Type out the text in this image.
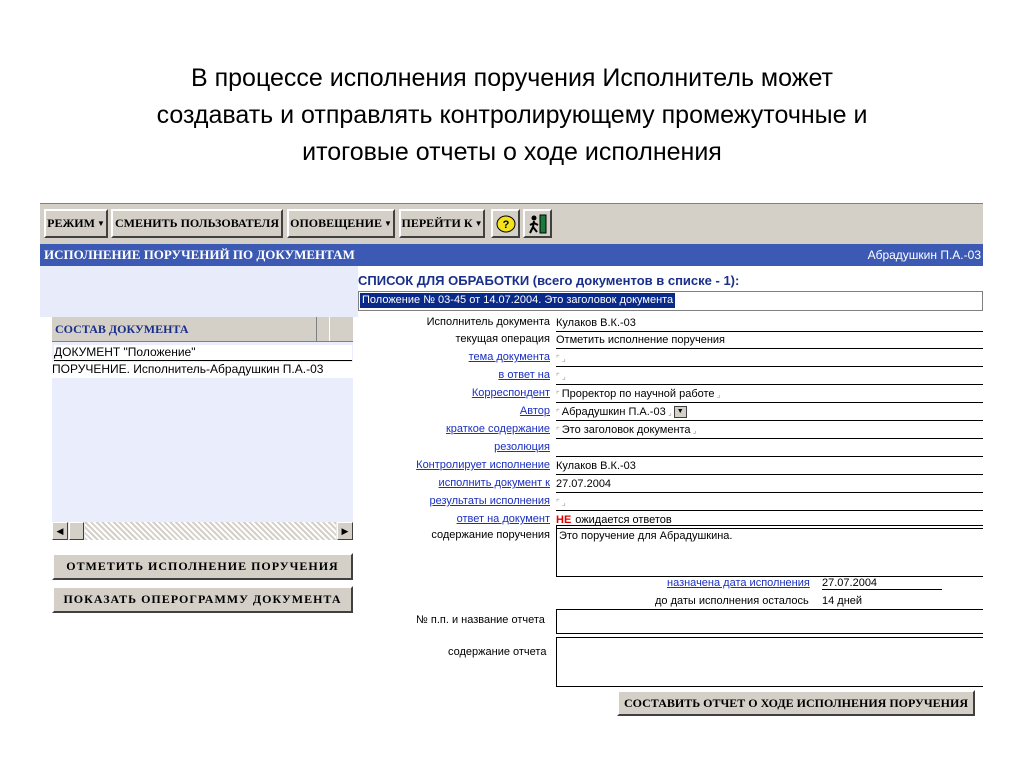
В процессе исполнения поручения Исполнитель может
создавать и отправлять контролирующему промежуточные и
итоговые отчеты о ходе исполнения
РЕЖИМ ▼ СМЕНИТЬ ПОЛЬЗОВАТЕЛЯ ОПОВЕЩЕНИЕ ▼ ПЕРЕЙТИ К ▼ ?
ИСПОЛНЕНИЕ ПОРУЧЕНИЙ ПО ДОКУМЕНТАМ	Абрадушкин П.А.-03
СПИСОК ДЛЯ ОБРАБОТКИ (всего документов в списке - 1):
Положение № 03-45 от 14.07.2004. Это заголовок документа
СОСТАВ ДОКУМЕНТА
ДОКУМЕНТ "Положение"
ПОРУЧЕНИЕ. Исполнитель-Абрадушкин П.А.-03
◀	▶
ОТМЕТИТЬ ИСПОЛНЕНИЕ ПОРУЧЕНИЯ
ПОКАЗАТЬ ОПЕРОГРАММУ ДОКУМЕНТА
Исполнитель документа Кулаков В.К.-03
текущая операция Отметить исполнение поручения
тема документа ⌜ ⌟
в ответ на ⌜ ⌟
Корреспондент ⌜ Проректор по научной работе ⌟
Автор ⌜ Абрадушкин П.А.-03 ⌟ ▼
краткое содержание ⌜ Это заголовок документа ⌟
резолюция
Контролирует исполнение Кулаков В.К.-03
исполнить документ к 27.07.2004
результаты исполнения ⌜ ⌟
ответ на документ НЕ ожидается ответов
содержание поручения Это поручение для Абрадушкина.
назначена дата исполнения 27.07.2004
до даты исполнения осталось 14 дней
№ п.п. и название отчета
содержание отчета
СОСТАВИТЬ ОТЧЕТ О ХОДЕ ИСПОЛНЕНИЯ ПОРУЧЕНИЯ
